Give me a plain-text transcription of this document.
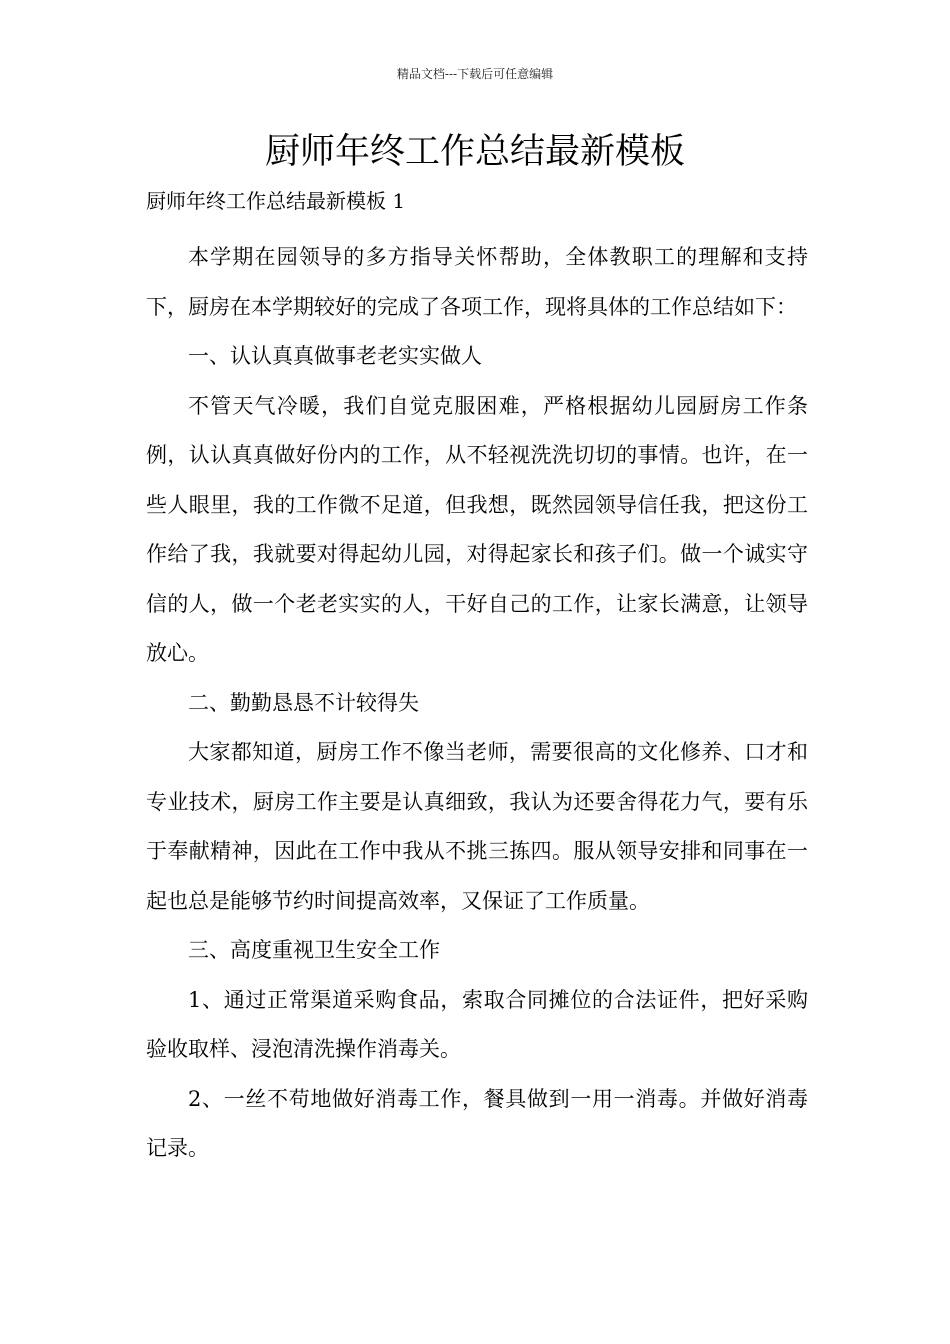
精品文档---下载后可任意编辑
厨师年终工作总结最新模板
厨师年终工作总结最新模板 1

本学期在园领导的多方指导关怀帮助，全体教职工的理解和支持下，厨房在本学期较好的完成了各项工作，现将具体的工作总结如下：

一、认认真真做事老老实实做人

不管天气冷暖，我们自觉克服困难，严格根据幼儿园厨房工作条例，认认真真做好份内的工作，从不轻视洗洗切切的事情。也许，在一些人眼里，我的工作微不足道，但我想，既然园领导信任我，把这份工作给了我，我就要对得起幼儿园，对得起家长和孩子们。做一个诚实守信的人，做一个老老实实的人，干好自己的工作，让家长满意，让领导放心。

二、勤勤恳恳不计较得失

大家都知道，厨房工作不像当老师，需要很高的文化修养、口才和专业技术，厨房工作主要是认真细致，我认为还要舍得花力气，要有乐于奉献精神，因此在工作中我从不挑三拣四。服从领导安排和同事在一起也总是能够节约时间提高效率，又保证了工作质量。

三、高度重视卫生安全工作

1、通过正常渠道采购食品，索取合同摊位的合法证件，把好采购验收取样、浸泡清洗操作消毒关。

2、一丝不苟地做好消毒工作，餐具做到一用一消毒。并做好消毒记录。
